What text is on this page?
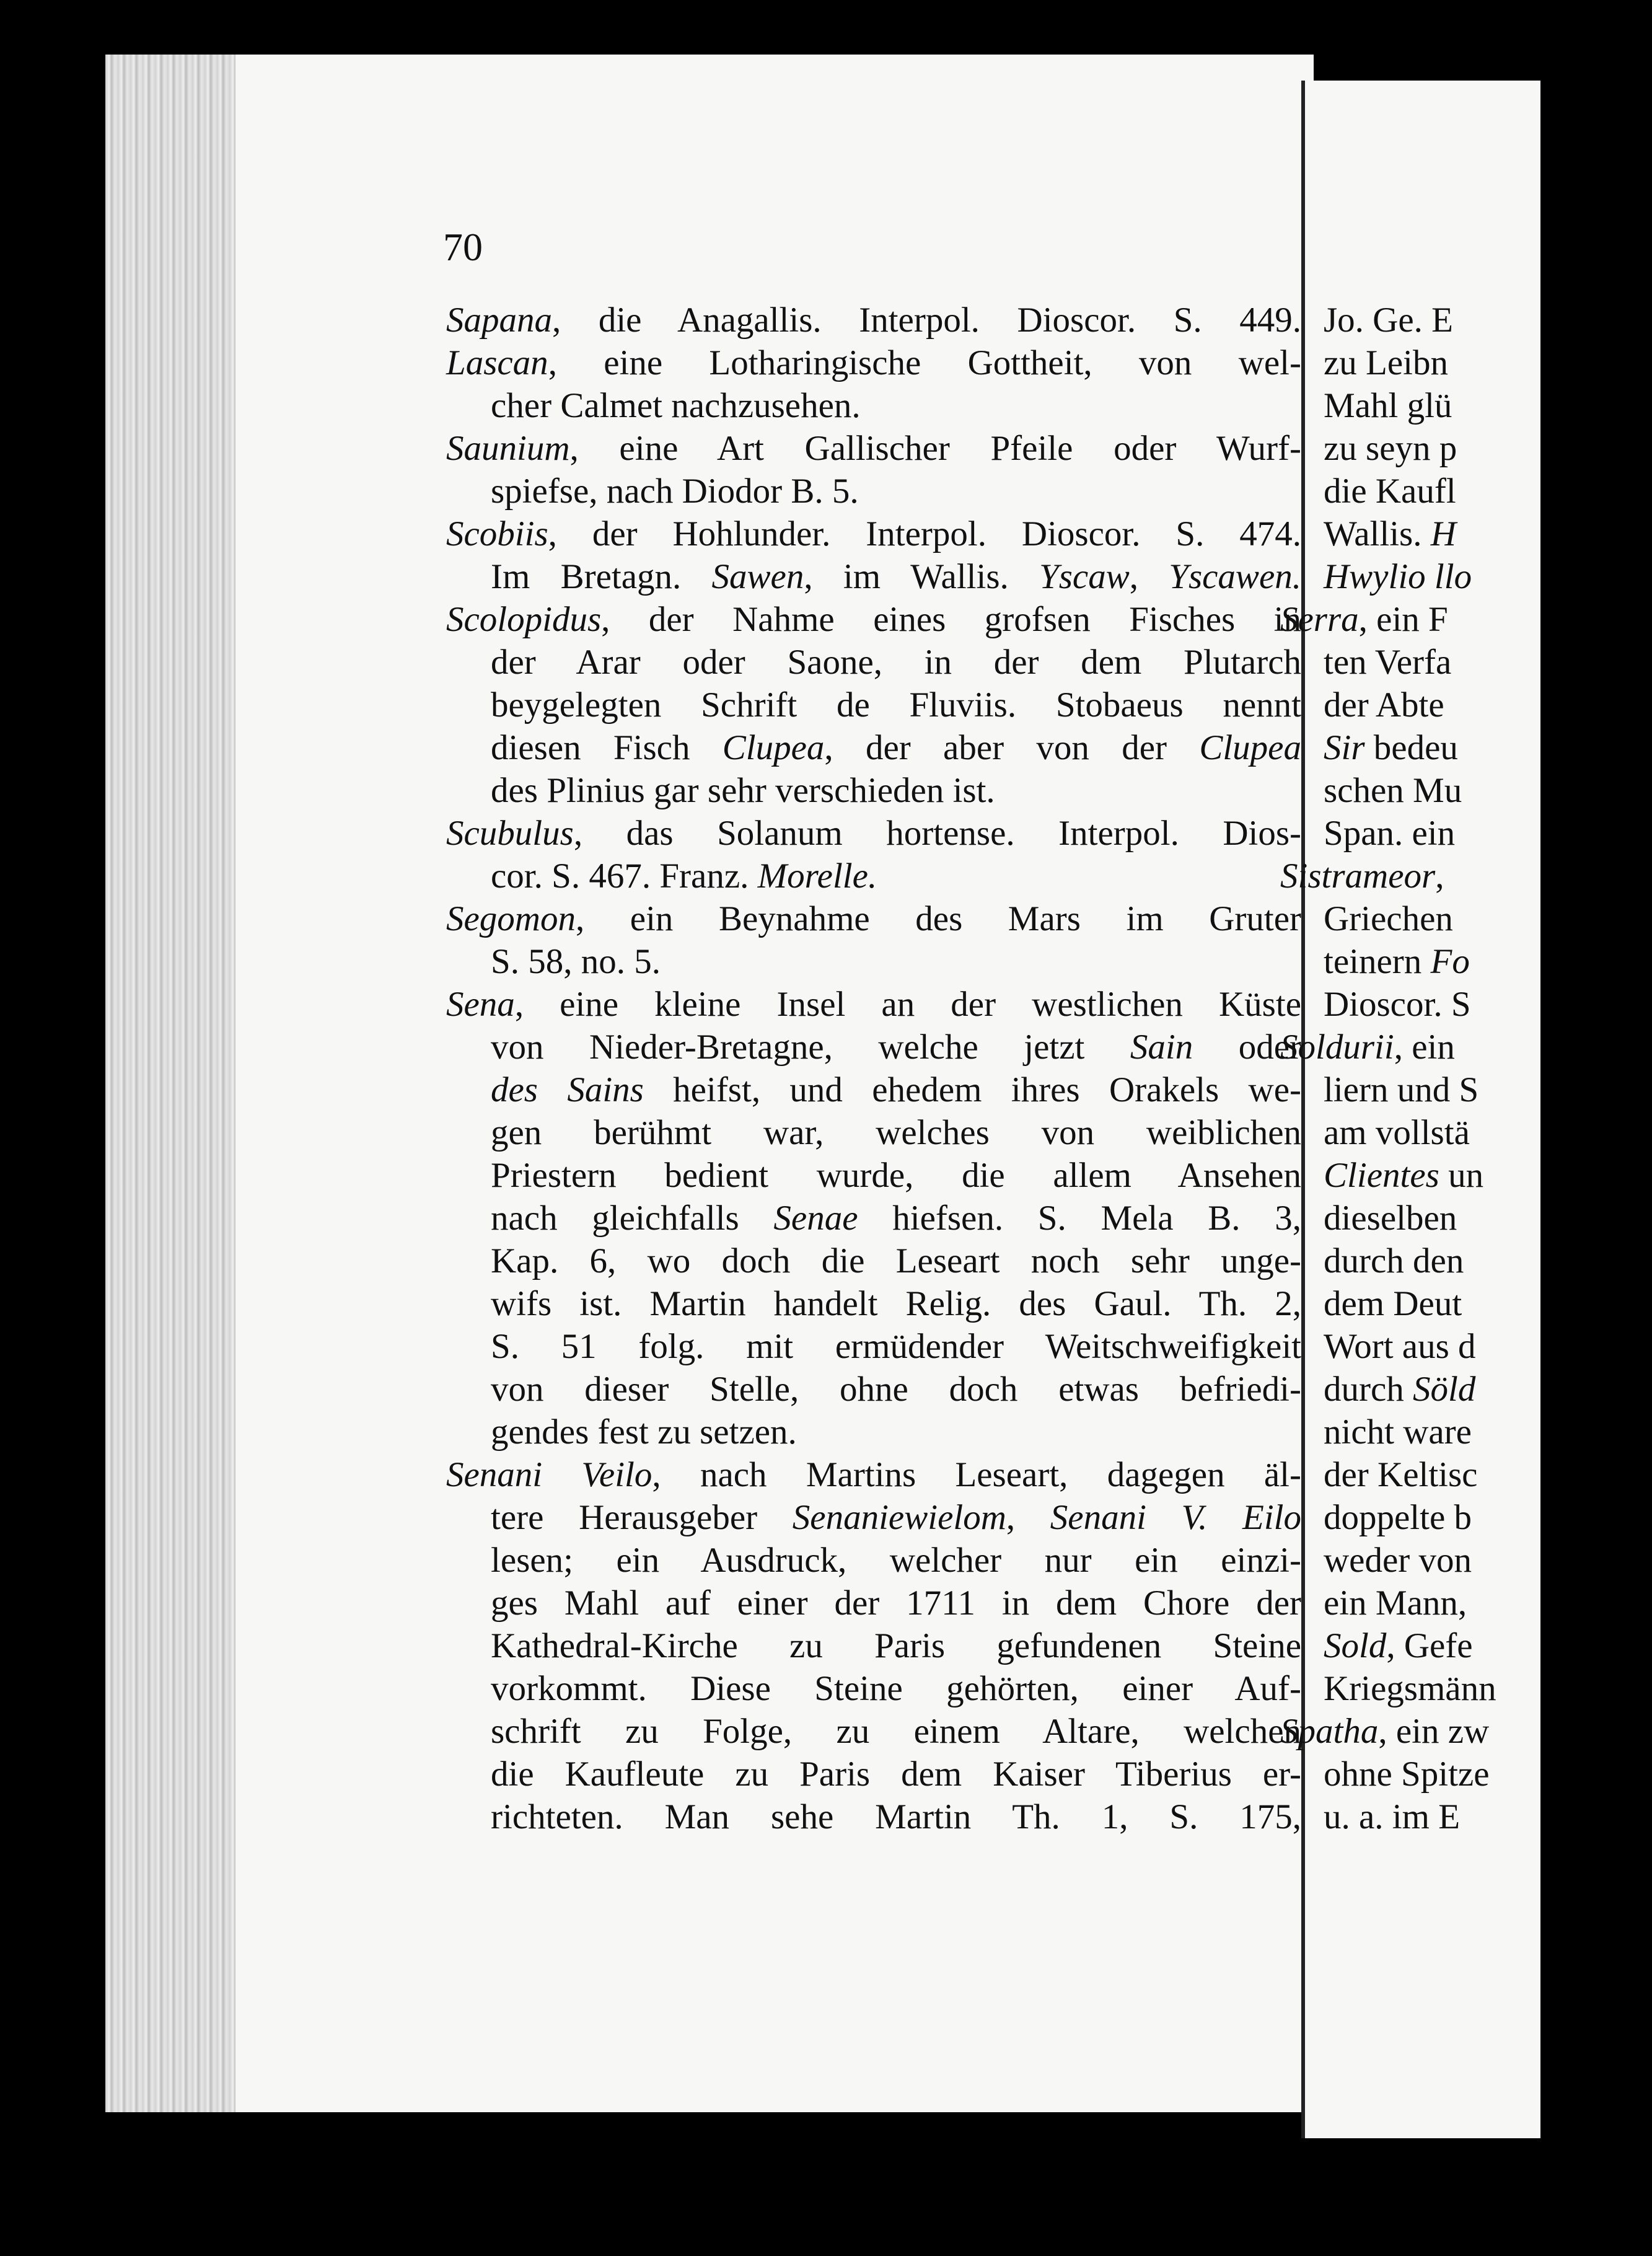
70
Sapana, die Anagallis. Interpol. Dioscor. S. 449.
Lascan, eine Lotharingische Gottheit, von wel-
cher Calmet nachzusehen.
Saunium, eine Art Gallischer Pfeile oder Wurf-
spiefse, nach Diodor B. 5.
Scobiis, der Hohlunder. Interpol. Dioscor. S. 474.
Im Bretagn. Sawen, im Wallis. Yscaw, Yscawen.
Scolopidus, der Nahme eines grofsen Fisches in
der Arar oder Saone, in der dem Plutarch
beygelegten Schrift de Fluviis. Stobaeus nennt
diesen Fisch Clupea, der aber von der Clupea
des Plinius gar sehr verschieden ist.
Scubulus, das Solanum hortense. Interpol. Dios-
cor. S. 467. Franz. Morelle.
Segomon, ein Beynahme des Mars im Gruter
S. 58, no. 5.
Sena, eine kleine Insel an der westlichen Küste
von Nieder-Bretagne, welche jetzt Sain oder
des Sains heifst, und ehedem ihres Orakels we-
gen berühmt war, welches von weiblichen
Priestern bedient wurde, die allem Ansehen
nach gleichfalls Senae hiefsen. S. Mela B. 3,
Kap. 6, wo doch die Leseart noch sehr unge-
wifs ist. Martin handelt Relig. des Gaul. Th. 2,
S. 51 folg. mit ermüdender Weitschweifigkeit
von dieser Stelle, ohne doch etwas befriedi-
gendes fest zu setzen.
Senani Veilo, nach Martins Leseart, dagegen äl-
tere Herausgeber Senaniewielom, Senani V. Eilo
lesen; ein Ausdruck, welcher nur ein einzi-
ges Mahl auf einer der 1711 in dem Chore der
Kathedral-Kirche zu Paris gefundenen Steine
vorkommt. Diese Steine gehörten, einer Auf-
schrift zu Folge, zu einem Altare, welchen
die Kaufleute zu Paris dem Kaiser Tiberius er-
richteten. Man sehe Martin Th. 1, S. 175,
Jo. Ge. E
zu Leibn
Mahl glü
zu seyn p
die Kaufl
Wallis. H
Hwylio llo
Serra, ein F
ten Verfa
der Abte
Sir bedeu
schen Mu
Span. ein
Sistrameor,
Griechen
teinern Fo
Dioscor. S
Soldurii, ein
liern und S
am vollstä
Clientes un
dieselben
durch den
dem Deut
Wort aus d
durch Söld
nicht ware
der Keltisc
doppelte b
weder von
ein Mann,
Sold, Gefe
Kriegsmänn
Spatha, ein zw
ohne Spitze
u. a. im E
